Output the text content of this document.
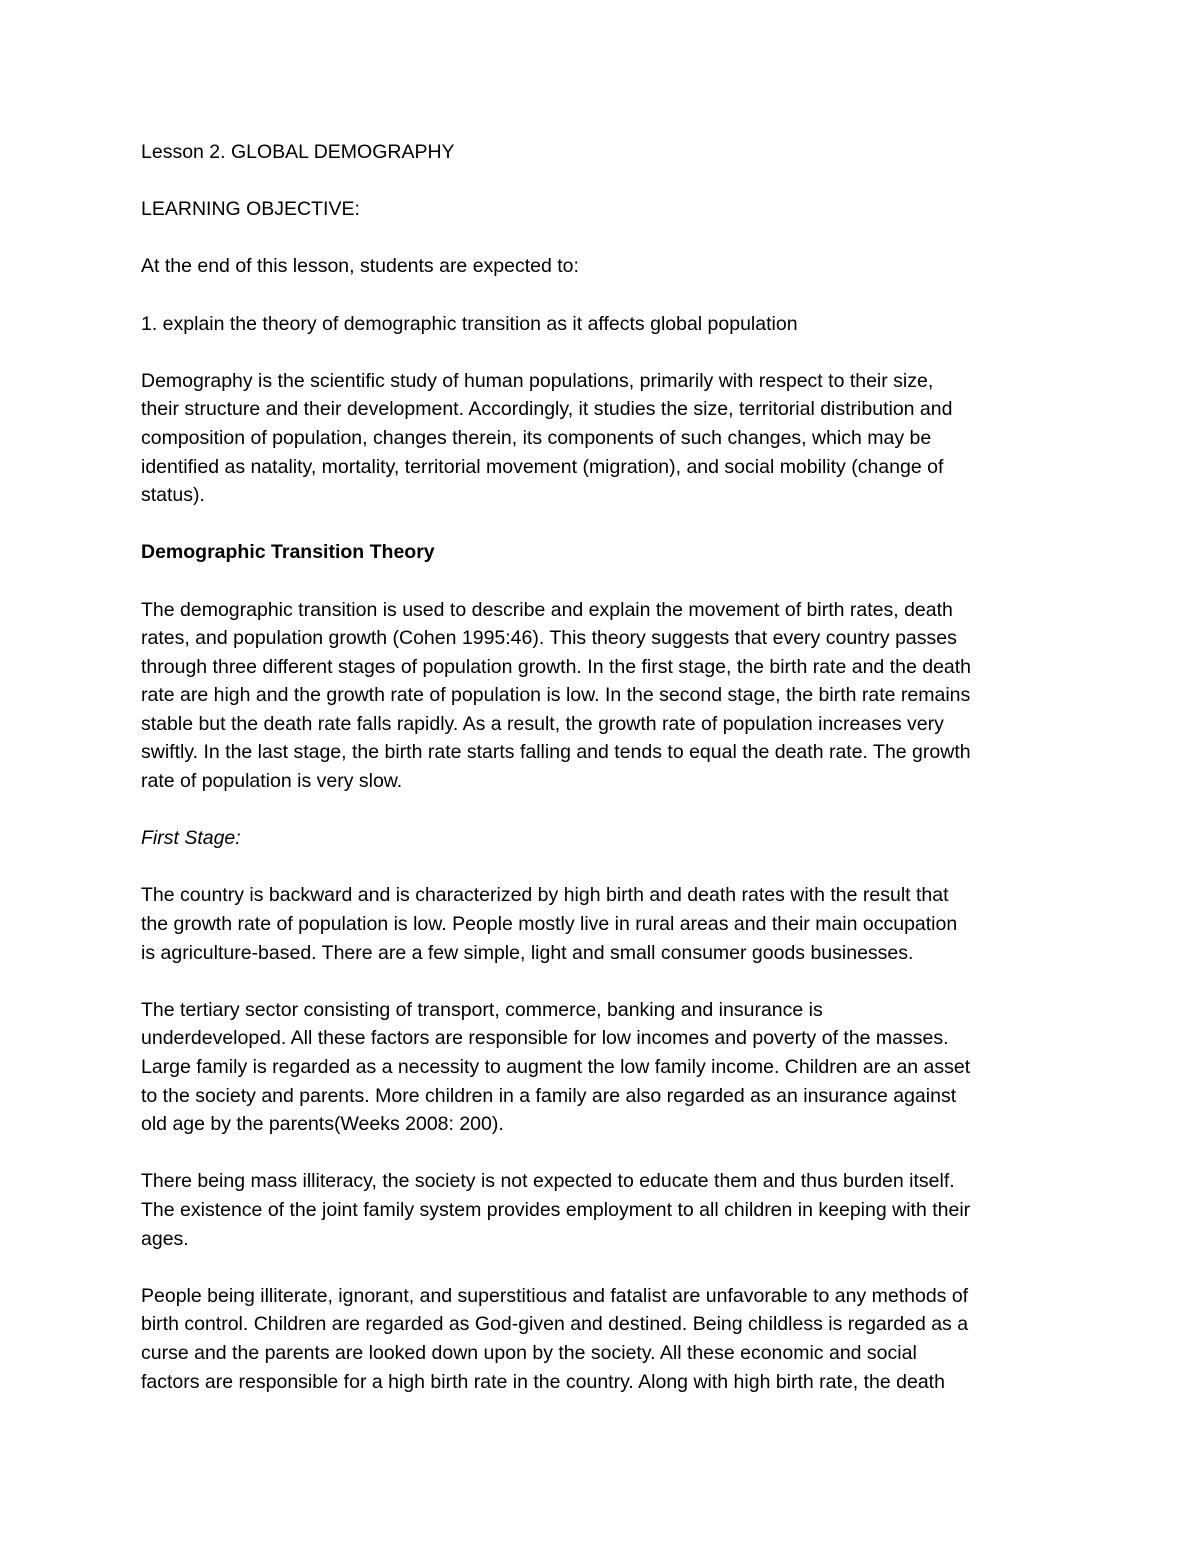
Lesson 2. GLOBAL DEMOGRAPHY

LEARNING OBJECTIVE:

At the end of this lesson, students are expected to:

1. explain the theory of demographic transition as it affects global population

Demography is the scientific study of human populations, primarily with respect to their size,
their structure and their development. Accordingly, it studies the size, territorial distribution and
composition of population, changes therein, its components of such changes, which may be
identified as natality, mortality, territorial movement (migration), and social mobility (change of
status).

Demographic Transition Theory

The demographic transition is used to describe and explain the movement of birth rates, death
rates, and population growth (Cohen 1995:46). This theory suggests that every country passes
through three different stages of population growth. In the first stage, the birth rate and the death
rate are high and the growth rate of population is low. In the second stage, the birth rate remains
stable but the death rate falls rapidly. As a result, the growth rate of population increases very
swiftly. In the last stage, the birth rate starts falling and tends to equal the death rate. The growth
rate of population is very slow.

First Stage:

The country is backward and is characterized by high birth and death rates with the result that
the growth rate of population is low. People mostly live in rural areas and their main occupation
is agriculture-based. There are a few simple, light and small consumer goods businesses.

The tertiary sector consisting of transport, commerce, banking and insurance is
underdeveloped. All these factors are responsible for low incomes and poverty of the masses.
Large family is regarded as a necessity to augment the low family income. Children are an asset
to the society and parents. More children in a family are also regarded as an insurance against
old age by the parents(Weeks 2008: 200).

There being mass illiteracy, the society is not expected to educate them and thus burden itself.
The existence of the joint family system provides employment to all children in keeping with their
ages.

People being illiterate, ignorant, and superstitious and fatalist are unfavorable to any methods of
birth control. Children are regarded as God-given and destined. Being childless is regarded as a
curse and the parents are looked down upon by the society. All these economic and social
factors are responsible for a high birth rate in the country. Along with high birth rate, the death
